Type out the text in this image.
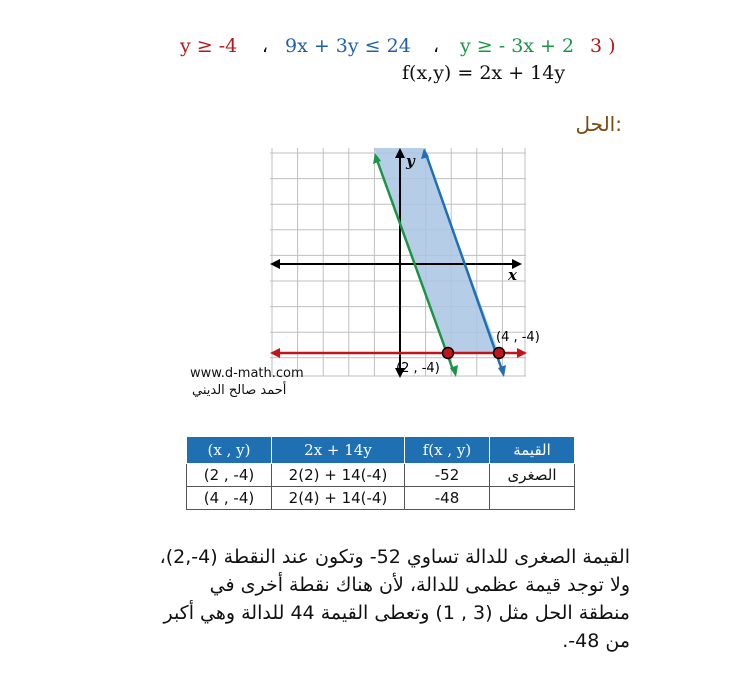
y ≥ -4 ، 9x + 3y ≤ 24 ، y ≥ - 3x + 2 3 )
f(x,y) = 2x + 14y
الحل:
y
x
(2 , -4)
(4 , -4)
www.d-math.com
أحمد صالح الديني
(x , y)	2x + 14y	f(x , y)	القيمة
(2 , -4)	2(2) + 14(-4)	-52	الصغرى
(4 , -4)	2(4) + 14(-4)	-48	
القيمة الصغرى للدالة تساوي 52- وتكون عند النقطة (4-,2)،
ولا توجد قيمة عظمى للدالة، لأن هناك نقطة أخرى في
منطقة الحل مثل (3 , 1) وتعطى القيمة 44 للدالة وهي أكبر
من 48-.
